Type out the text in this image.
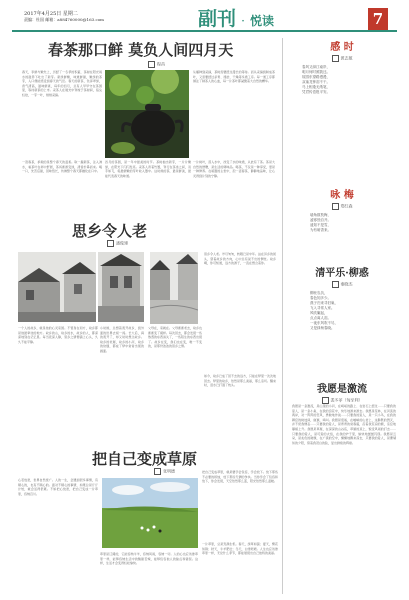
2017年4月25日 星期二
责编：杜国 邮箱：a884760000@163.com	副刊 · 悦读	7
春茶那口鲜 莫负人间四月天
程昌
春天，李鲜与嫩先上，历经了一冬季的积蓄，茶树在阳光雨水的滋养下吐出了新芽。新绿鲜嫩，味道鲜甜，嫩绿的茶芽，入口便能感受到春天的气息。春天的新茶，色泽翠绿，香气清高，滋味鲜爽，每年的四月，总有人早早守在茶园里，等待新茶的上市。采茶人在晨光中穿梭于茶树间，指尖轻捻，一芽一叶，细细采摘。
一泡春茶，承载的是整个春天的温柔。取一撮新茶，注入沸水，看茶叶在杯中舒展，茶汤渐渐变绿，清香扑鼻而来。喝一口，先苦后甜，回味悠长，仿佛整个春天都融化在口中。
四月的茶园，是一年中最美的时节。茶树抽出新芽，一片片嫩绿，在阳光下闪闪发亮。采茶人背着竹篓，穿行在茶垄之间，双手如飞，将最鲜嫩的芽叶收入篓中。这时候的茶，最是鲜美，最能代表春天的味道。
从播种到采摘，茶树需要经过漫长的等待。而从采摘到制成茶叶，又需要经过杀青、揉捻、干燥等多道工序。每一道工序都倾注了制茶人的心血，每一片茶叶都凝聚着大自然的精华。
一片树叶，落入水中，改变了水的味道，从此有了茶。茶是大自然的馈赠，是生活的调味品。喝茶，不仅是一种享受，更是一种修养。在喧嚣的尘世中，泡一壶春茶，静静地品味，让心灵得到片刻的宁静。
思乡令人老
潘俊建
一个人的故乡，就是他的心灵家园。不管身在何方，故乡都是他最牵挂的地方。故乡的山，故乡的水，故乡的人，都深深地刻在记忆里。每当夜深人静，思乡之情便涌上心头，久久不能平静。
小时候，总想着离开故乡，到外面的世界去闯一闯。长大后，真的离开了，却又时时想念故乡。故乡的老屋，故乡的小河，故乡的炊烟，都成了梦中常常出现的画面。
父母在，家就在。父母渐渐老去，故乡也渐渐变了模样。每次回去，都会发现一些熟悉的东西消失了，一些陌生的东西出现了。故乡在变，我们也在变，唯一不变的，是那份浓浓的思乡之情。
思乡令人老。岁月匆匆，转眼已是中年。站在异乡的街头，望着故乡的方向，心中总有说不出的惆怅。故乡啊，你可知道，远方的游子，一直在想念着你。
如今，故乡已成了回不去的远方，只能在梦里一次次地回去。梦里的故乡，依然是那么美丽，那么亲切。醒来时，泪水已打湿了枕头。
把自己变成草原
张明德
心若放宽，世界自然宽广。人的一生，会遇到很多事情，有顺心的，也有不顺心的。面对不顺心的事情，如果总是斤斤计较，就会活得很累。不如把心放宽，把自己变成一片草原，容纳百川。
草原是辽阔的，它能容纳牛羊，容纳风雨，容纳一切。人的心也应该像草原一样，能够容纳生活中的酸甜苦辣，能够包容他人的缺点和错误。这样，生活才会变得轻松愉快。
把自己变成草原，就是要学会包容，学会放下。放下那些不必要的烦恼，放下那些无谓的争执。当你学会了包容和放下，你会发现，天空依然那么蓝，阳光依然那么温暖。
一片草原，总是充满生机。春天，绿草如茵；夏天，繁花似锦；秋天，牛羊肥壮；冬天，白雪皑皑。人生也应该像草原一样，无论什么季节，都能展现出自己独特的美丽。
感 时
黄志敏
春风又绿江南岸，
明月何时照我还。
故园东望路漫漫，
双袖龙钟泪不干。
马上相逢无纸笔，
凭君传语报平安。
咏 梅
郑红森
墙角数枝梅，
凌寒独自开。
遥知不是雪，
为有暗香来。
清平乐·柳惑
秦晓杰
柳丝袅袅，
春色知多少。
燕子归来寻旧巢，
飞入寻常人家。
风吹絮起，
点点离人泪。
一夜东风吹不尽，
又是绿杨春晓。
我愿是激流
裴多菲（匈牙利）
我愿是一条激流，是山里的小河，在崎岖的路上、在岩石上经过……只要我的爱人，是一条小鱼，在我的浪花中，快乐地游来游去。我愿是荒林，在河流的两岸，对一阵阵的狂风，勇敢地作战……只要我的爱人，是一只小鸟，在我的稠密的树枝间，做窠，鸣叫。我愿是废墟，在峻峭的山岩上，这静默的毁灭，并不使我懊丧……只要我的爱人，是青青的常春藤，沿着我荒凉的额，亲密地攀援上升。我愿是草屋，在深深的山谷底，草屋的顶上，饱受风雨的打击……只要我的爱人，是可爱的火焰，在我的炉子里，愉快地缓缓闪现。我愿是云朵，是灰色的破旗，在广漠的空中，懒懒地飘来荡去，只要我的爱人，是珊瑚似的夕阳，傍着我苍白的脸，显出鲜艳的辉煌。
